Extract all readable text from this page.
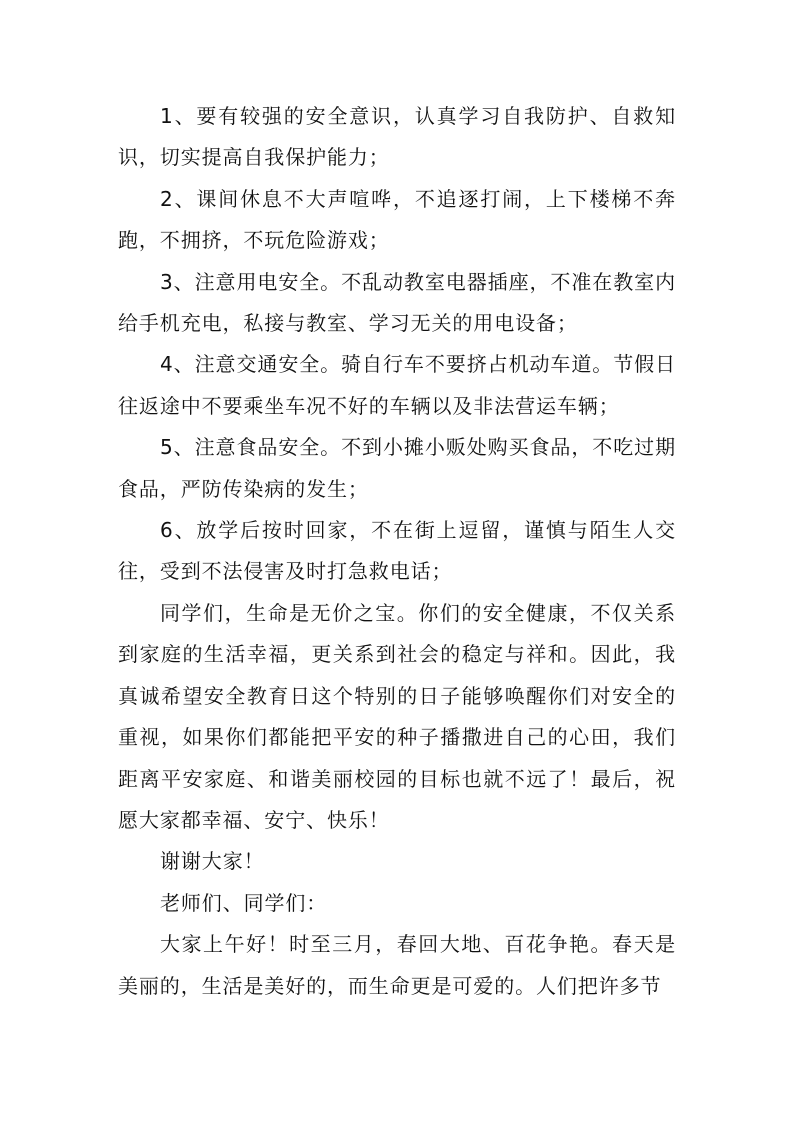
1、要有较强的安全意识，认真学习自我防护、自救知识，切实提高自我保护能力；

2、课间休息不大声喧哗，不追逐打闹，上下楼梯不奔跑，不拥挤，不玩危险游戏；

3、注意用电安全。不乱动教室电器插座，不准在教室内给手机充电，私接与教室、学习无关的用电设备；

4、注意交通安全。骑自行车不要挤占机动车道。节假日往返途中不要乘坐车况不好的车辆以及非法营运车辆；

5、注意食品安全。不到小摊小贩处购买食品，不吃过期食品，严防传染病的发生；

6、放学后按时回家，不在街上逗留，谨慎与陌生人交往，受到不法侵害及时打急救电话；

同学们，生命是无价之宝。你们的安全健康，不仅关系到家庭的生活幸福，更关系到社会的稳定与祥和。因此，我真诚希望安全教育日这个特别的日子能够唤醒你们对安全的重视，如果你们都能把平安的种子播撒进自己的心田，我们距离平安家庭、和谐美丽校园的目标也就不远了！最后，祝愿大家都幸福、安宁、快乐！

谢谢大家！

老师们、同学们：

大家上午好！时至三月，春回大地、百花争艳。春天是美丽的，生活是美好的，而生命更是可爱的。人们把许多节
